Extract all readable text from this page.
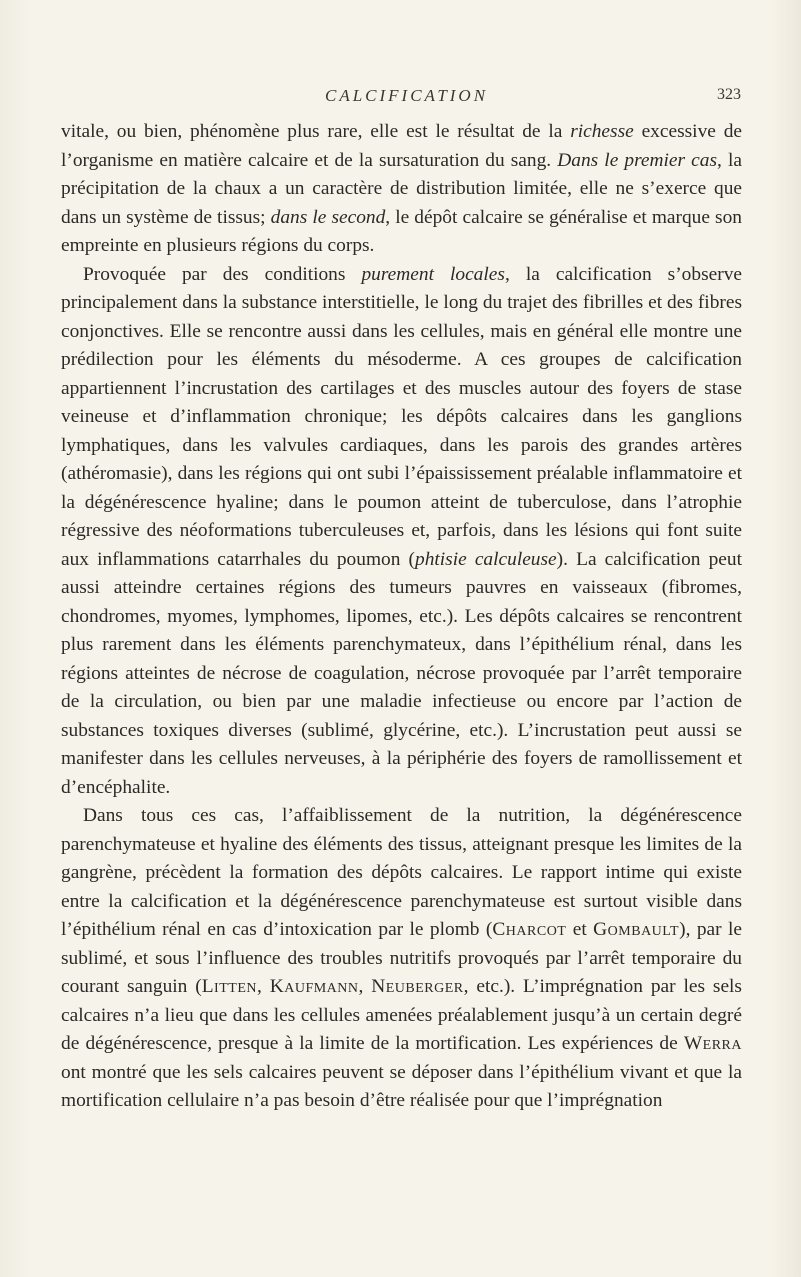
CALCIFICATION	323

vitale, ou bien, phénomène plus rare, elle est le résultat de la richesse excessive de l’organisme en matière calcaire et de la sursaturation du sang. Dans le premier cas, la précipitation de la chaux a un caractère de distribution limitée, elle ne s’exerce que dans un système de tissus; dans le second, le dépôt calcaire se généralise et marque son empreinte en plusieurs régions du corps.

Provoquée par des conditions purement locales, la calcification s’observe principalement dans la substance interstitielle, le long du trajet des fibrilles et des fibres conjonctives. Elle se rencontre aussi dans les cellules, mais en général elle montre une prédilection pour les éléments du mésoderme. A ces groupes de calcification appartiennent l’incrustation des cartilages et des muscles autour des foyers de stase veineuse et d’inflammation chronique; les dépôts calcaires dans les ganglions lymphatiques, dans les valvules cardiaques, dans les parois des grandes artères (athéromasie), dans les régions qui ont subi l’épaississement préalable inflammatoire et la dégénérescence hyaline; dans le poumon atteint de tuberculose, dans l’atrophie régressive des néoformations tuberculeuses et, parfois, dans les lésions qui font suite aux inflammations catarrhales du poumon (phtisie calculeuse). La calcification peut aussi atteindre certaines régions des tumeurs pauvres en vaisseaux (fibromes, chondromes, myomes, lymphomes, lipomes, etc.). Les dépôts calcaires se rencontrent plus rarement dans les éléments parenchymateux, dans l’épithélium rénal, dans les régions atteintes de nécrose de coagulation, nécrose provoquée par l’arrêt temporaire de la circulation, ou bien par une maladie infectieuse ou encore par l’action de substances toxiques diverses (sublimé, glycérine, etc.). L’incrustation peut aussi se manifester dans les cellules nerveuses, à la périphérie des foyers de ramollissement et d’encéphalite.

Dans tous ces cas, l’affaiblissement de la nutrition, la dégénérescence parenchymateuse et hyaline des éléments des tissus, atteignant presque les limites de la gangrène, précèdent la formation des dépôts calcaires. Le rapport intime qui existe entre la calcification et la dégénérescence parenchymateuse est surtout visible dans l’épithélium rénal en cas d’intoxication par le plomb (Charcot et Gombault), par le sublimé, et sous l’influence des troubles nutritifs provoqués par l’arrêt temporaire du courant sanguin (Litten, Kaufmann, Neuberger, etc.). L’imprégnation par les sels calcaires n’a lieu que dans les cellules amenées préalablement jusqu’à un certain degré de dégénérescence, presque à la limite de la mortification. Les expériences de Werra ont montré que les sels calcaires peuvent se déposer dans l’épithélium vivant et que la mortification cellulaire n’a pas besoin d’être réalisée pour que l’imprégnation
